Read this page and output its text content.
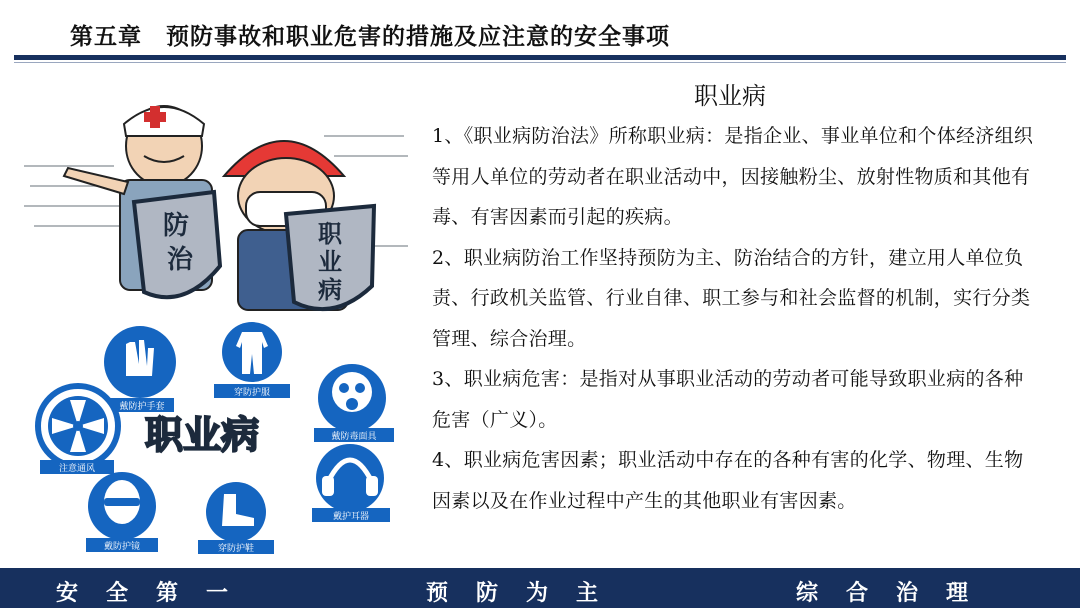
第五章　预防事故和职业危害的措施及应注意的安全事项
防
治
职
业
病
戴防护手套
穿防护服
戴防毒面具
注意通风
职业病
戴护耳器
戴防护镜	穿防护鞋
职业病

1、《职业病防治法》所称职业病：是指企业、事业单位和个体经济组织等用人单位的劳动者在职业活动中，因接触粉尘、放射性物质和其他有毒、有害因素而引起的疾病。

2、职业病防治工作坚持预防为主、防治结合的方针，建立用人单位负责、行政机关监管、行业自律、职工参与和社会监督的机制，实行分类管理、综合治理。

3、职业病危害：是指对从事职业活动的劳动者可能导致职业病的各种危害（广义）。

4、职业病危害因素；职业活动中存在的各种有害的化学、物理、生物因素以及在作业过程中产生的其他职业有害因素。

安全第一	预防为主	综合治理
